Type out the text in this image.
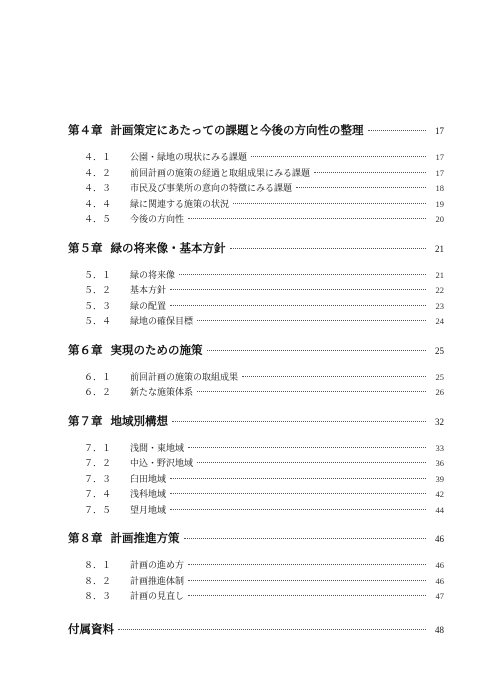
第４章 計画策定にあたっての課題と今後の方向性の整理	17
４．１	公園・緑地の現状にみる課題	17
４．２	前回計画の施策の経過と取組成果にみる課題	17
４．３	市民及び事業所の意向の特徴にみる課題	18
４．４	緑に関連する施策の状況	19
４．５	今後の方向性	20
第５章 緑の将来像・基本方針	21
５．１	緑の将来像	21
５．２	基本方針	22
５．３	緑の配置	23
５．４	緑地の確保目標	24
第６章 実現のための施策	25
６．１	前回計画の施策の取組成果	25
６．２	新たな施策体系	26
第７章 地域別構想	32
７．１	浅間・東地域	33
７．２	中込・野沢地域	36
７．３	臼田地域	39
７．４	浅科地域	42
７．５	望月地域	44
第８章 計画推進方策	46
８．１	計画の進め方	46
８．２	計画推進体制	46
８．３	計画の見直し	47
付属資料	48
